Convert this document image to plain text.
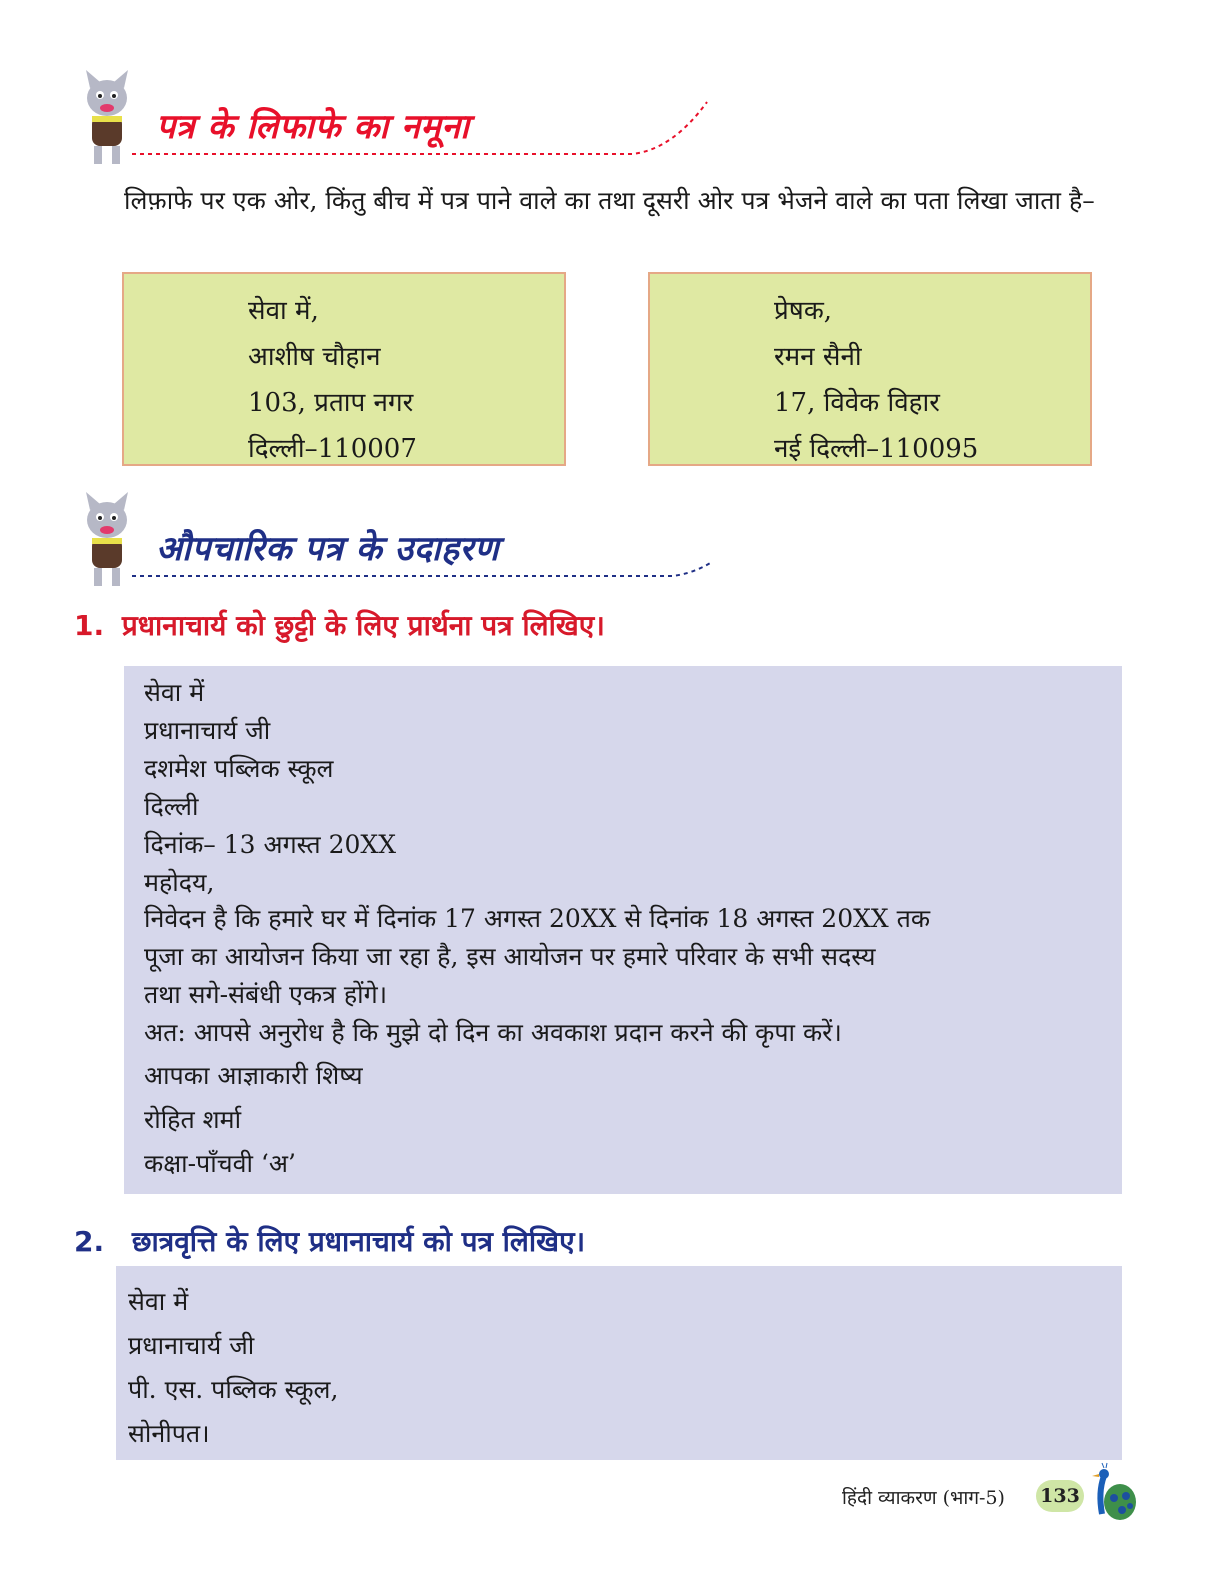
पत्र के लिफाफे का नमूना
लिफ़ाफे पर एक ओर, किंतु बीच में पत्र पाने वाले का तथा दूसरी ओर पत्र भेजने वाले का पता लिखा जाता है–
सेवा में,
आशीष चौहान
103, प्रताप नगर
दिल्ली–110007
प्रेषक,
रमन सैनी
17, विवेक विहार
नई दिल्ली–110095
औपचारिक पत्र के उदाहरण
1. प्रधानाचार्य को छुट्टी के लिए प्रार्थना पत्र लिखिए।
सेवा में
प्रधानाचार्य जी
दशमेश पब्लिक स्कूल
दिल्ली
दिनांक– 13 अगस्त 20XX
महोदय,
निवेदन है कि हमारे घर में दिनांक 17 अगस्त 20XX से दिनांक 18 अगस्त 20XX तक
पूजा का आयोजन किया जा रहा है, इस आयोजन पर हमारे परिवार के सभी सदस्य
तथा सगे-संबंधी एकत्र होंगे।
अत: आपसे अनुरोध है कि मुझे दो दिन का अवकाश प्रदान करने की कृपा करें।
आपका आज्ञाकारी शिष्य
रोहित शर्मा
कक्षा-पाँचवी ‘अ’
2. छात्रवृत्ति के लिए प्रधानाचार्य को पत्र लिखिए।
सेवा में
प्रधानाचार्य जी
पी. एस. पब्लिक स्कूल,
सोनीपत।
हिंदी व्याकरण (भाग-5) 133
